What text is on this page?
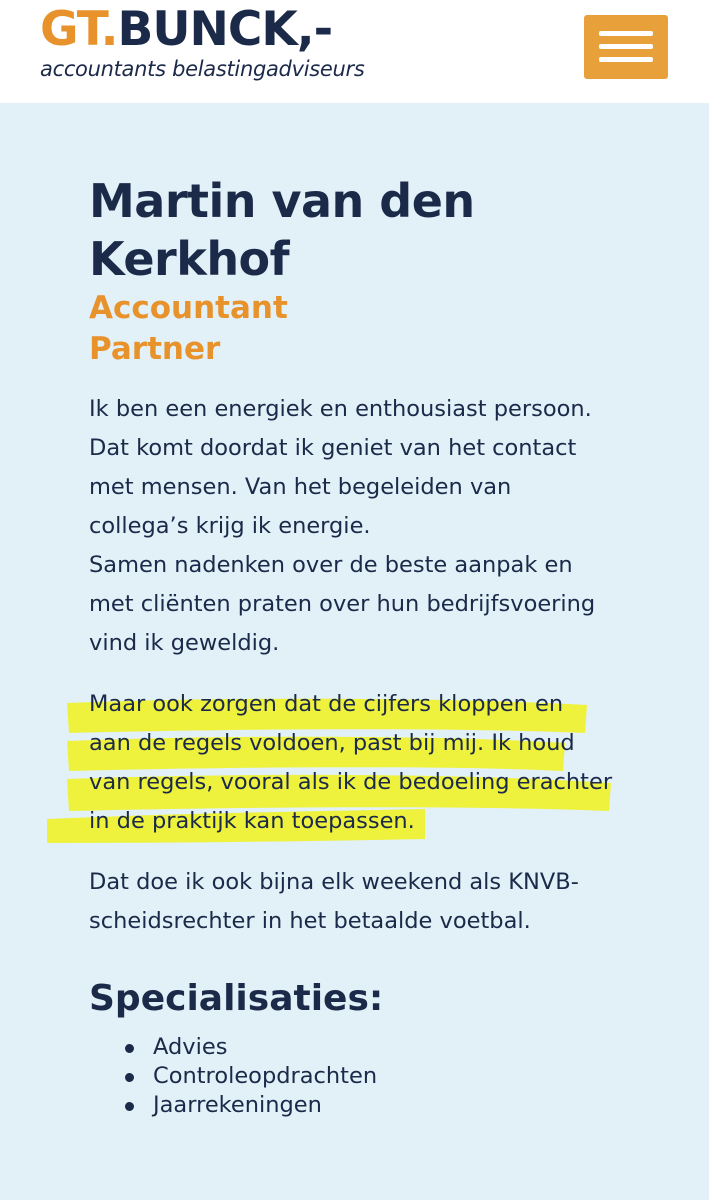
GT.BUNCK,-
accountants belastingadviseurs
Martin van den
Kerkhof
Accountant
Partner

Ik ben een energiek en enthousiast persoon.
Dat komt doordat ik geniet van het contact
met mensen. Van het begeleiden van
collega’s krijg ik energie.
Samen nadenken over de beste aanpak en
met cliënten praten over hun bedrijfsvoering
vind ik geweldig.

Maar ook zorgen dat de cijfers kloppen en
aan de regels voldoen, past bij mij. Ik houd
van regels, vooral als ik de bedoeling erachter
in de praktijk kan toepassen.

Dat doe ik ook bijna elk weekend als KNVB-
scheidsrechter in het betaalde voetbal.

Specialisaties:
Advies
Controleopdrachten
Jaarrekeningen
